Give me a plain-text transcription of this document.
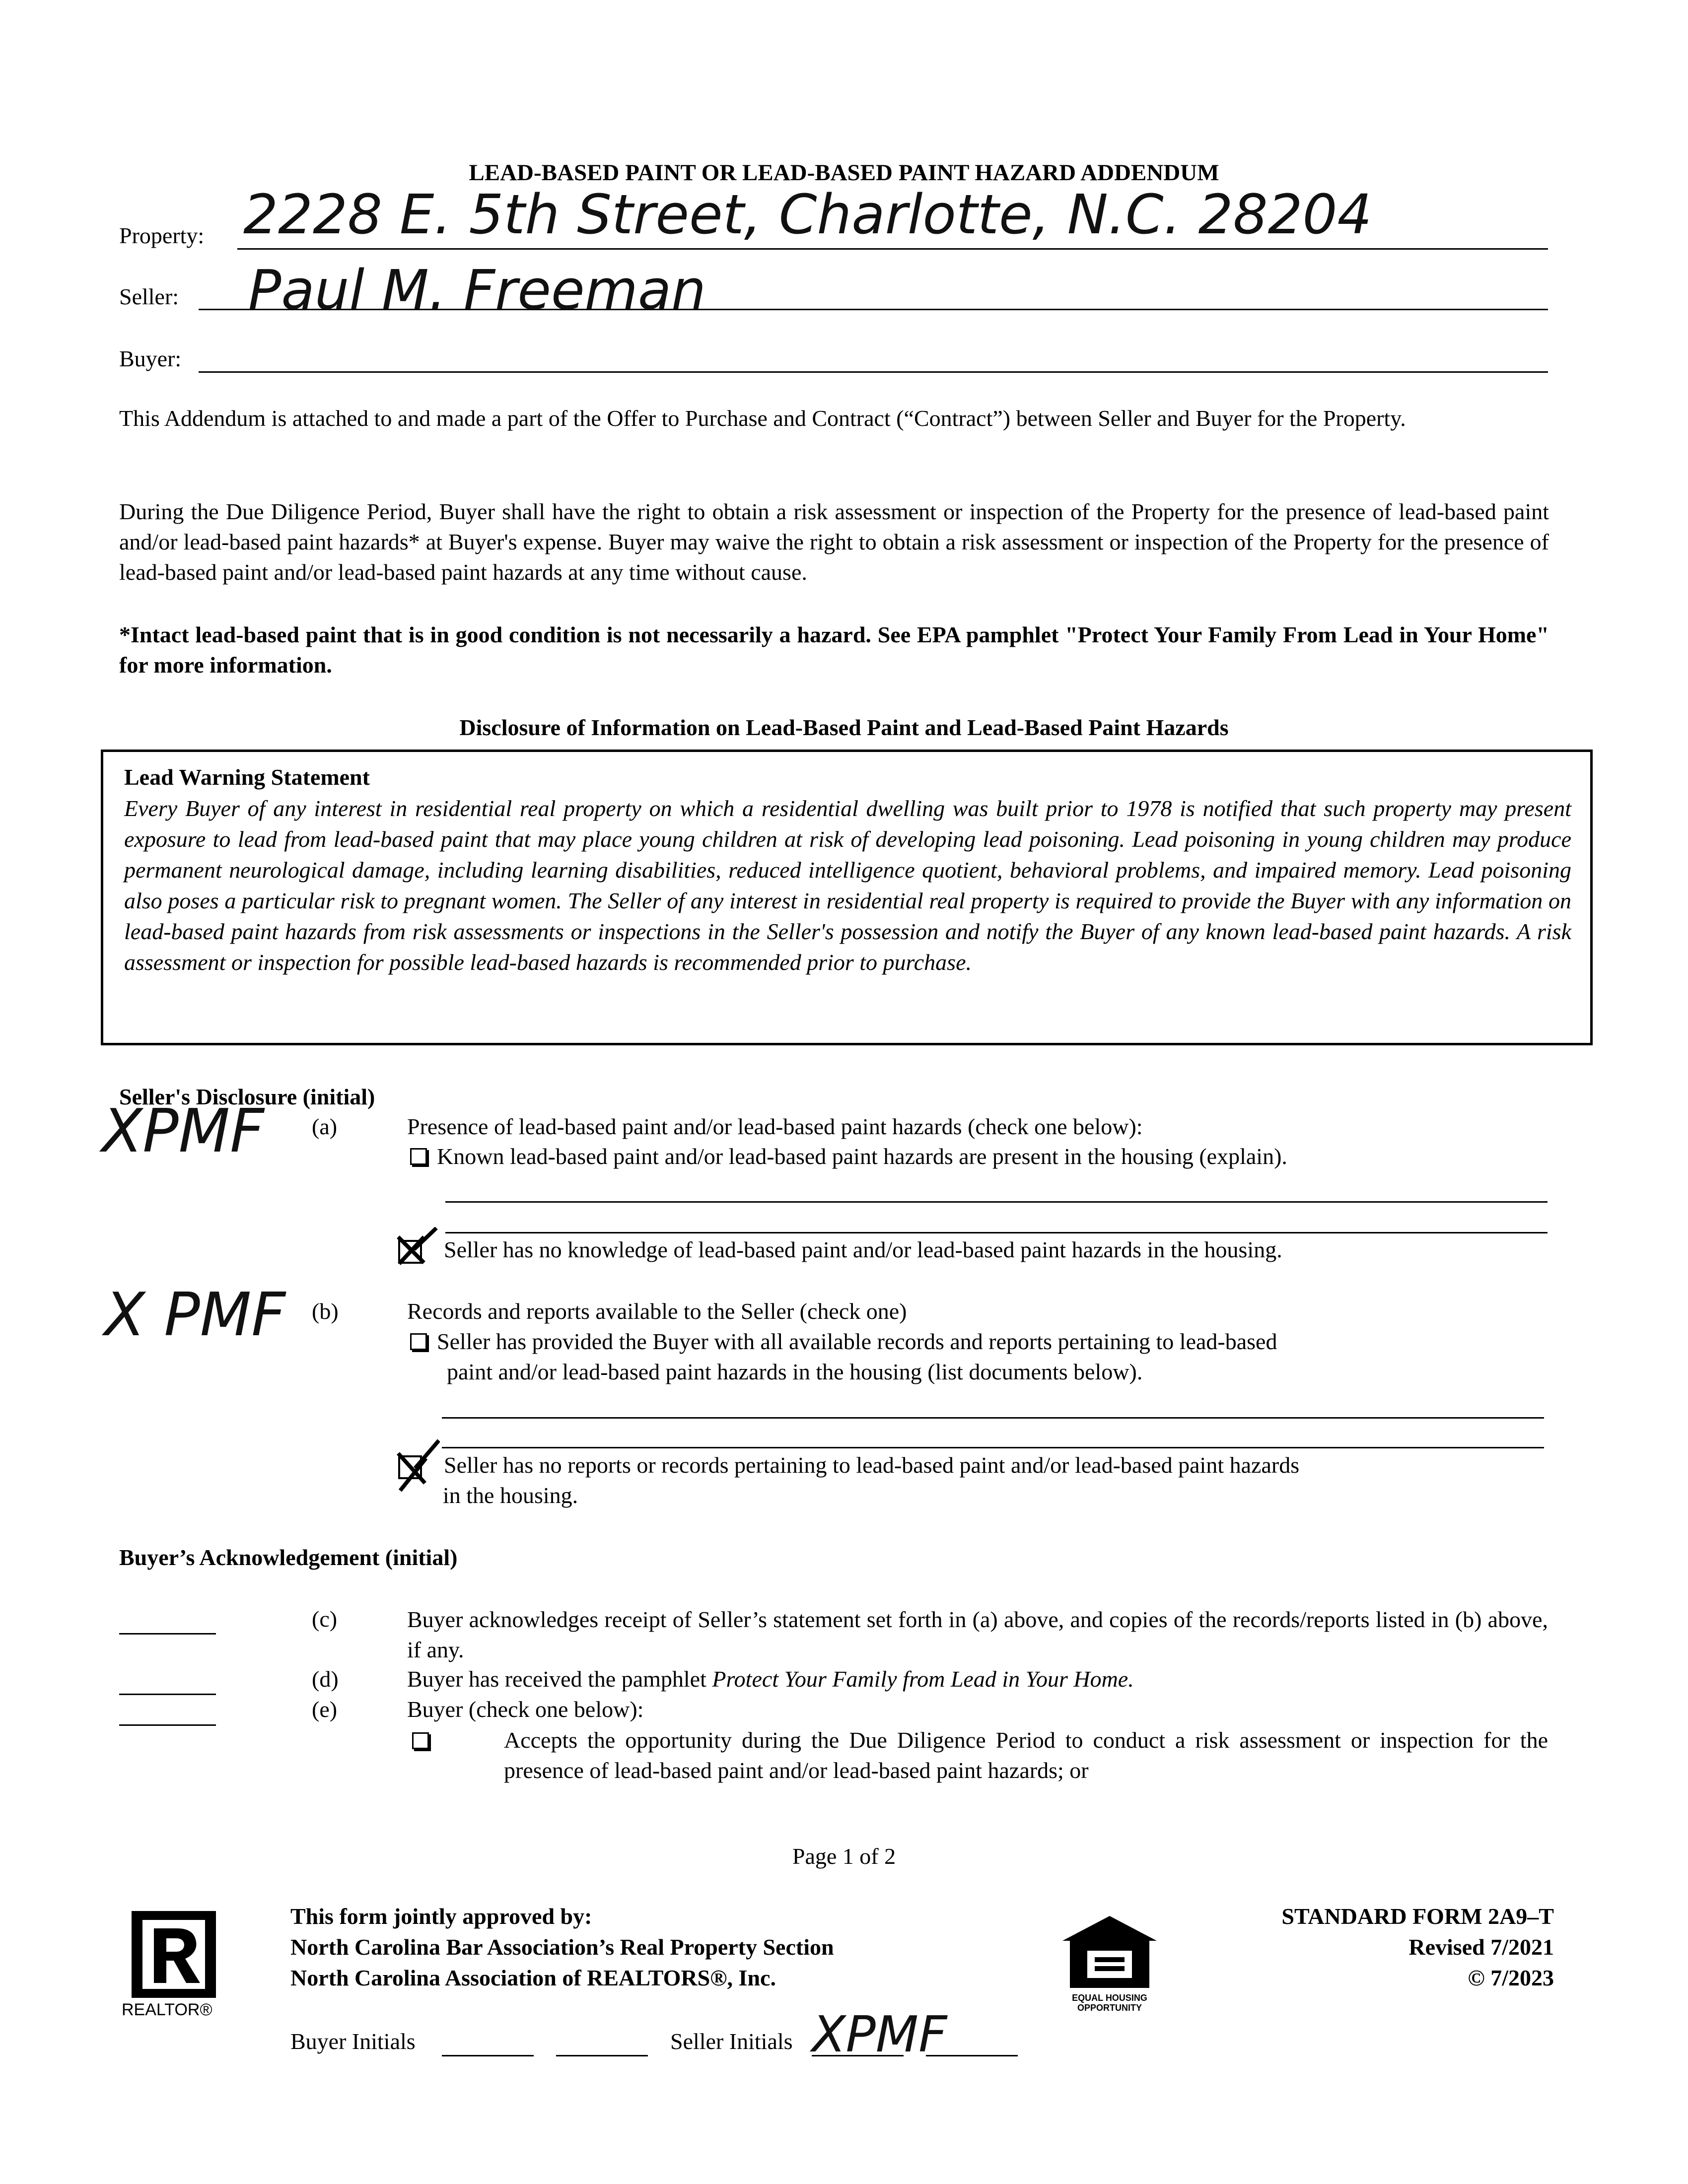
LEAD-BASED PAINT OR LEAD-BASED PAINT HAZARD ADDENDUM
Property: 2228 E. 5th Street, Charlotte, N.C. 28204
Seller: Paul M. Freeman
Buyer:
This Addendum is attached to and made a part of the Offer to Purchase and Contract (“Contract”) between Seller and Buyer for the Property.
During the Due Diligence Period, Buyer shall have the right to obtain a risk assessment or inspection of the Property for the presence of lead-based paint and/or lead-based paint hazards* at Buyer's expense. Buyer may waive the right to obtain a risk assessment or inspection of the Property for the presence of lead-based paint and/or lead-based paint hazards at any time without cause.
*Intact lead-based paint that is in good condition is not necessarily a hazard. See EPA pamphlet "Protect Your Family From Lead in Your Home" for more information.
Disclosure of Information on Lead-Based Paint and Lead-Based Paint Hazards
Lead Warning Statement
Every Buyer of any interest in residential real property on which a residential dwelling was built prior to 1978 is notified that such property may present exposure to lead from lead-based paint that may place young children at risk of developing lead poisoning. Lead poisoning in young children may produce permanent neurological damage, including learning disabilities, reduced intelligence quotient, behavioral problems, and impaired memory. Lead poisoning also poses a particular risk to pregnant women. The Seller of any interest in residential real property is required to provide the Buyer with any information on lead-based paint hazards from risk assessments or inspections in the Seller's possession and notify the Buyer of any known lead-based paint hazards. A risk assessment or inspection for possible lead-based hazards is recommended prior to purchase.
Seller's Disclosure (initial)
XPMF (a)	Presence of lead-based paint and/or lead-based paint hazards (check one below):
Known lead-based paint and/or lead-based paint hazards are present in the housing (explain).
Seller has no knowledge of lead-based paint and/or lead-based paint hazards in the housing.
X PMF (b)	Records and reports available to the Seller (check one)
Seller has provided the Buyer with all available records and reports pertaining to lead-based
paint and/or lead-based paint hazards in the housing (list documents below).
Seller has no reports or records pertaining to lead-based paint and/or lead-based paint hazards
in the housing.
Buyer’s Acknowledgement (initial)
(c)	Buyer acknowledges receipt of Seller’s statement set forth in (a) above, and copies of the records/reports listed in (b) above, if any.
(d)	Buyer has received the pamphlet Protect Your Family from Lead in Your Home.
(e)	Buyer (check one below):
Accepts the opportunity during the Due Diligence Period to conduct a risk assessment or inspection for the presence of lead-based paint and/or lead-based paint hazards; or
Page 1 of 2
REALTOR®
This form jointly approved by:
North Carolina Bar Association’s Real Property Section
North Carolina Association of REALTORS®, Inc.
EQUAL HOUSING OPPORTUNITY
STANDARD FORM 2A9–T
Revised 7/2021
© 7/2023
Buyer Initials	Seller Initials XPMF
